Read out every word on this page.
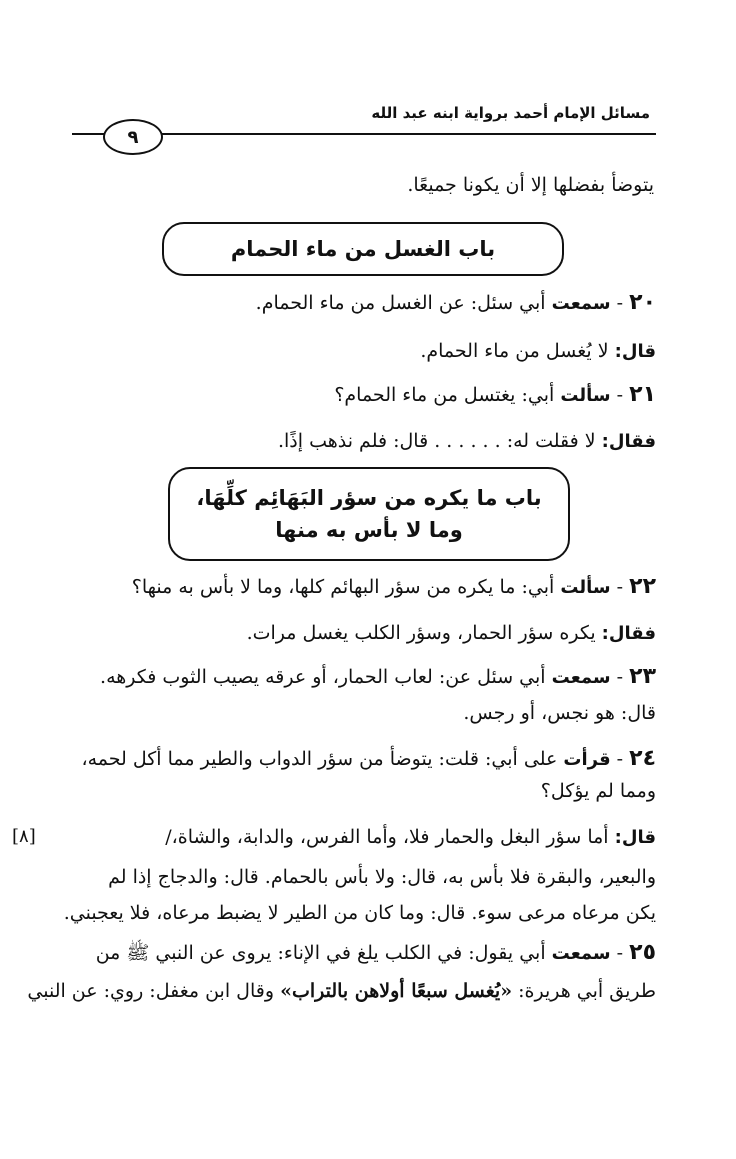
مسائل الإمام أحمد برواية ابنه عبد الله
٩
يتوضأ بفضلها إلا أن يكونا جميعًا.
باب الغسل من ماء الحمام
٢٠ - سمعت أبي سئل: عن الغسل من ماء الحمام.
قال: لا يُغسل من ماء الحمام.
٢١ - سألت أبي: يغتسل من ماء الحمام؟
فقال: لا فقلت له: . . . . . . قال: فلم نذهب إذًا.
باب ما يكره من سؤر البَهَائِم كلِّهَا،
وما لا بأس به منها
٢٢ - سألت أبي: ما يكره من سؤر البهائم كلها، وما لا بأس به منها؟
فقال: يكره سؤر الحمار، وسؤر الكلب يغسل مرات.
٢٣ - سمعت أبي سئل عن: لعاب الحمار، أو عرقه يصيب الثوب فكرهه.
قال: هو نجس، أو رجس.
٢٤ - قرأت على أبي: قلت: يتوضأ من سؤر الدواب والطير مما أكل لحمه،
ومما لم يؤكل؟
[٨]	قال: أما سؤر البغل والحمار فلا، وأما الفرس، والدابة، والشاة،/
والبعير، والبقرة فلا بأس به، قال: ولا بأس بالحمام. قال: والدجاج إذا لم
يكن مرعاه مرعى سوء. قال: وما كان من الطير لا يضبط مرعاه، فلا يعجبني.
٢٥ - سمعت أبي يقول: في الكلب يلغ في الإناء: يروى عن النبي ﷺ من
طريق أبي هريرة: «يُغسل سبعًا أولاهن بالتراب» وقال ابن مغفل: روي: عن النبي
